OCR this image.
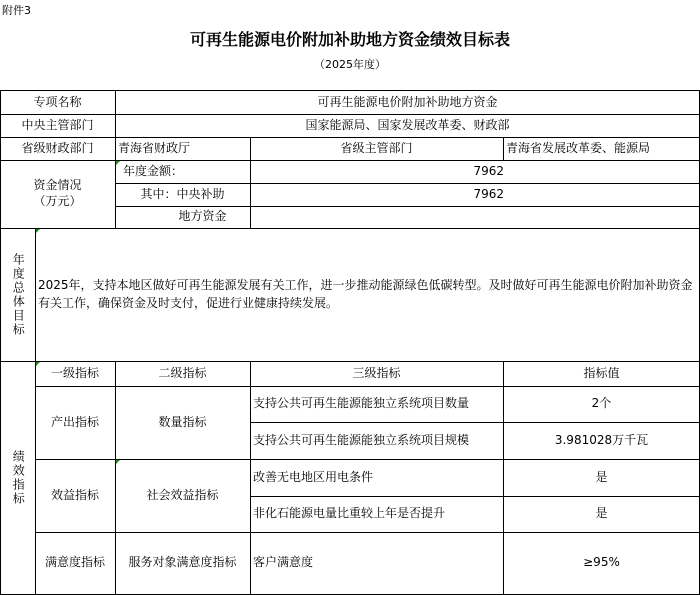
附件3
可再生能源电价附加补助地方资金绩效目标表
（2025年度）
专项名称	可再生能源电价附加补助地方资金
中央主管部门	国家能源局、国家发展改革委、财政部
省级财政部门	青海省财政厅	省级主管部门	青海省发展改革委、能源局
资金情况
（万元）
年度金额：	7962
其中：中央补助	7962
地方资金
年度总体目标 2025年，支持本地区做好可再生能源发展有关工作，进一步推动能源绿色低碳转型。及时做好可再生能源电价附加补助资金有关工作，确保资金及时支付，促进行业健康持续发展。
绩效指标
一级指标	二级指标	三级指标	指标值
产出指标	数量指标
支持公共可再生能源能独立系统项目数量	2个
支持公共可再生能源能独立系统项目规模	3.981028万千瓦
效益指标	社会效益指标
改善无电地区用电条件	是
非化石能源电量比重较上年是否提升	是
满意度指标	服务对象满意度指标	客户满意度	≥95%
